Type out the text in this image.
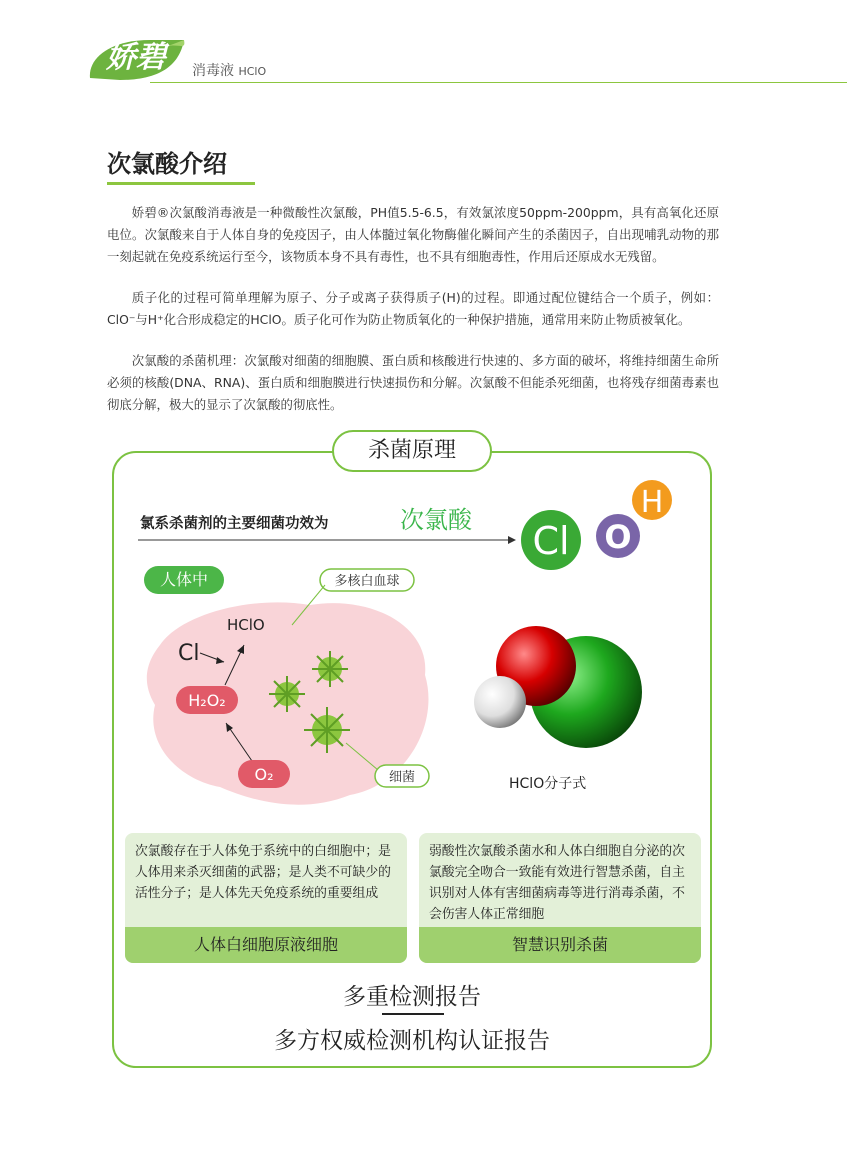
娇碧	消毒液 HClO
次氯酸介绍

娇碧®次氯酸消毒液是一种微酸性次氯酸，PH值5.5-6.5，有效氯浓度50ppm-200ppm，具有高氧化还原电位。次氯酸来自于人体自身的免疫因子，由人体髓过氧化物酶催化瞬间产生的杀菌因子，自出现哺乳动物的那一刻起就在免疫系统运行至今，该物质本身不具有毒性，也不具有细胞毒性，作用后还原成水无残留。

质子化的过程可简单理解为原子、分子或离子获得质子(H)的过程。即通过配位键结合一个质子，例如：ClO⁻与H⁺化合形成稳定的HClO。质子化可作为防止物质氧化的一种保护措施，通常用来防止物质被氧化。

次氯酸的杀菌机理：次氯酸对细菌的细胞膜、蛋白质和核酸进行快速的、多方面的破坏，将维持细菌生命所必须的核酸(DNA、RNA)、蛋白质和细胞膜进行快速损伤和分解。次氯酸不但能杀死细菌，也将残存细菌毒素也彻底分解，极大的显示了次氯酸的彻底性。

杀菌原理
氯系杀菌剂的主要细菌功效为	次氯酸 Cl O
H
多核白血球
HClO
Cl
H₂O₂
O₂	细菌
人体中
HClO分子式

次氯酸存在于人体免于系统中的白细胞中；是人体用来杀灭细菌的武器；是人类不可缺少的活性分子；是人体先天免疫系统的重要组成

人体白细胞原液细胞

弱酸性次氯酸杀菌水和人体白细胞自分泌的次氯酸完全吻合一致能有效进行智慧杀菌，自主识别对人体有害细菌病毒等进行消毒杀菌，不会伤害人体正常细胞

智慧识别杀菌
多重检测报告
多方权威检测机构认证报告
